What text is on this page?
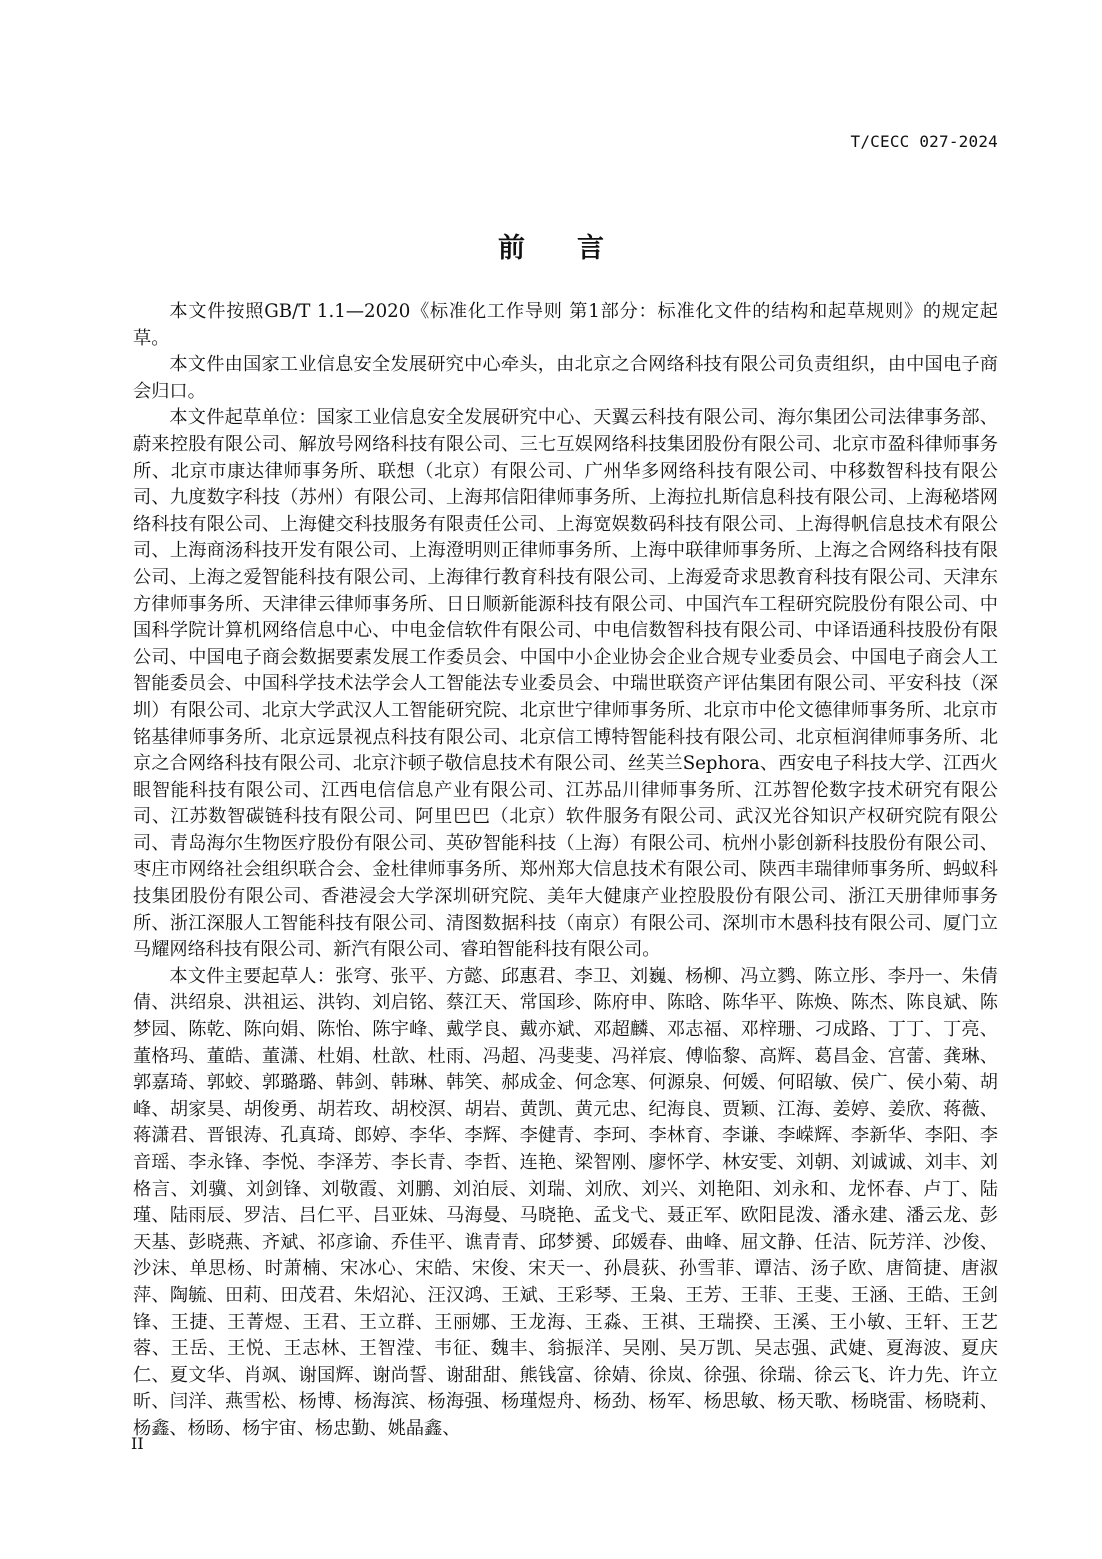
T/CECC 027-2024
前言

本文件按照GB/T 1.1—2020《标准化工作导则 第1部分：标准化文件的结构和起草规则》的规定起草。

本文件由国家工业信息安全发展研究中心牵头，由北京之合网络科技有限公司负责组织，由中国电子商会归口。

本文件起草单位：国家工业信息安全发展研究中心、天翼云科技有限公司、海尔集团公司法律事务部、蔚来控股有限公司、解放号网络科技有限公司、三七互娱网络科技集团股份有限公司、北京市盈科律师事务所、北京市康达律师事务所、联想（北京）有限公司、广州华多网络科技有限公司、中移数智科技有限公司、九度数字科技（苏州）有限公司、上海邦信阳律师事务所、上海拉扎斯信息科技有限公司、上海秘塔网络科技有限公司、上海健交科技服务有限责任公司、上海宽娱数码科技有限公司、上海得帆信息技术有限公司、上海商汤科技开发有限公司、上海澄明则正律师事务所、上海中联律师事务所、上海之合网络科技有限公司、上海之爱智能科技有限公司、上海律行教育科技有限公司、上海爱奇求思教育科技有限公司、天津东方律师事务所、天津律云律师事务所、日日顺新能源科技有限公司、中国汽车工程研究院股份有限公司、中国科学院计算机网络信息中心、中电金信软件有限公司、中电信数智科技有限公司、中译语通科技股份有限公司、中国电子商会数据要素发展工作委员会、中国中小企业协会企业合规专业委员会、中国电子商会人工智能委员会、中国科学技术法学会人工智能法专业委员会、中瑞世联资产评估集团有限公司、平安科技（深圳）有限公司、北京大学武汉人工智能研究院、北京世宁律师事务所、北京市中伦文德律师事务所、北京市铭基律师事务所、北京远景视点科技有限公司、北京信工博特智能科技有限公司、北京桓润律师事务所、北京之合网络科技有限公司、北京汴顿子敬信息技术有限公司、丝芙兰Sephora、西安电子科技大学、江西火眼智能科技有限公司、江西电信信息产业有限公司、江苏品川律师事务所、江苏智伦数字技术研究有限公司、江苏数智碳链科技有限公司、阿里巴巴（北京）软件服务有限公司、武汉光谷知识产权研究院有限公司、青岛海尔生物医疗股份有限公司、英矽智能科技（上海）有限公司、杭州小影创新科技股份有限公司、枣庄市网络社会组织联合会、金杜律师事务所、郑州郑大信息技术有限公司、陕西丰瑞律师事务所、蚂蚁科技集团股份有限公司、香港浸会大学深圳研究院、美年大健康产业控股股份有限公司、浙江天册律师事务所、浙江深服人工智能科技有限公司、清图数据科技（南京）有限公司、深圳市木愚科技有限公司、厦门立马耀网络科技有限公司、新汽有限公司、睿珀智能科技有限公司。

本文件主要起草人：张穹、张平、方懿、邱惠君、李卫、刘巍、杨柳、冯立鹨、陈立彤、李丹一、朱倩倩、洪绍泉、洪祖运、洪钧、刘启铭、蔡江天、常国珍、陈府申、陈晗、陈华平、陈焕、陈杰、陈良斌、陈梦园、陈乾、陈向娟、陈怡、陈宇峰、戴学良、戴亦斌、邓超麟、邓志福、邓梓珊、刁成路、丁丁、丁亮、董格玛、董皓、董潇、杜娟、杜歆、杜雨、冯超、冯斐斐、冯祥宸、傅临黎、高辉、葛昌金、宫蕾、龚琳、郭嘉琦、郭蛟、郭璐璐、韩剑、韩琳、韩笑、郝成金、何念寒、何源泉、何媛、何昭敏、侯广、侯小菊、胡峰、胡家昊、胡俊勇、胡若玫、胡校溟、胡岩、黄凯、黄元忠、纪海良、贾颖、江海、姜婷、姜欣、蒋薇、蒋潇君、晋银涛、孔真琦、郎婷、李华、李辉、李健青、李珂、李林育、李谦、李嵘辉、李新华、李阳、李音瑶、李永锋、李悦、李泽芳、李长青、李哲、连艳、梁智刚、廖怀学、林安雯、刘朝、刘诚诚、刘丰、刘格言、刘骥、刘剑锋、刘敬霞、刘鹏、刘泊辰、刘瑞、刘欣、刘兴、刘艳阳、刘永和、龙怀春、卢丁、陆瑾、陆雨辰、罗洁、吕仁平、吕亚妹、马海曼、马晓艳、孟戈弋、聂正军、欧阳昆泼、潘永建、潘云龙、彭天基、彭晓燕、齐斌、祁彦谕、乔佳平、谯青青、邱梦赟、邱媛春、曲峰、屈文静、任洁、阮芳洋、沙俊、沙沫、单思杨、时萧楠、宋冰心、宋皓、宋俊、宋天一、孙晨荻、孙雪菲、谭洁、汤子欧、唐简捷、唐淑萍、陶毓、田莉、田茂君、朱炤沁、汪汉鸿、王斌、王彩琴、王枭、王芳、王菲、王斐、王涵、王皓、王剑锋、王捷、王菁煜、王君、王立群、王丽娜、王龙海、王淼、王祺、王瑞揆、王溪、王小敏、王轩、王艺蓉、王岳、王悦、王志林、王智滢、韦征、魏丰、翁振洋、吴刚、吴万凯、吴志强、武婕、夏海波、夏庆仁、夏文华、肖飒、谢国辉、谢尚誓、谢甜甜、熊钱富、徐婧、徐岚、徐强、徐瑞、徐云飞、许力先、许立昕、闫洋、燕雪松、杨博、杨海滨、杨海强、杨瑾煜舟、杨劲、杨军、杨思敏、杨天歌、杨晓雷、杨晓莉、杨鑫、杨旸、杨宇宙、杨忠勤、姚晶鑫、

II
